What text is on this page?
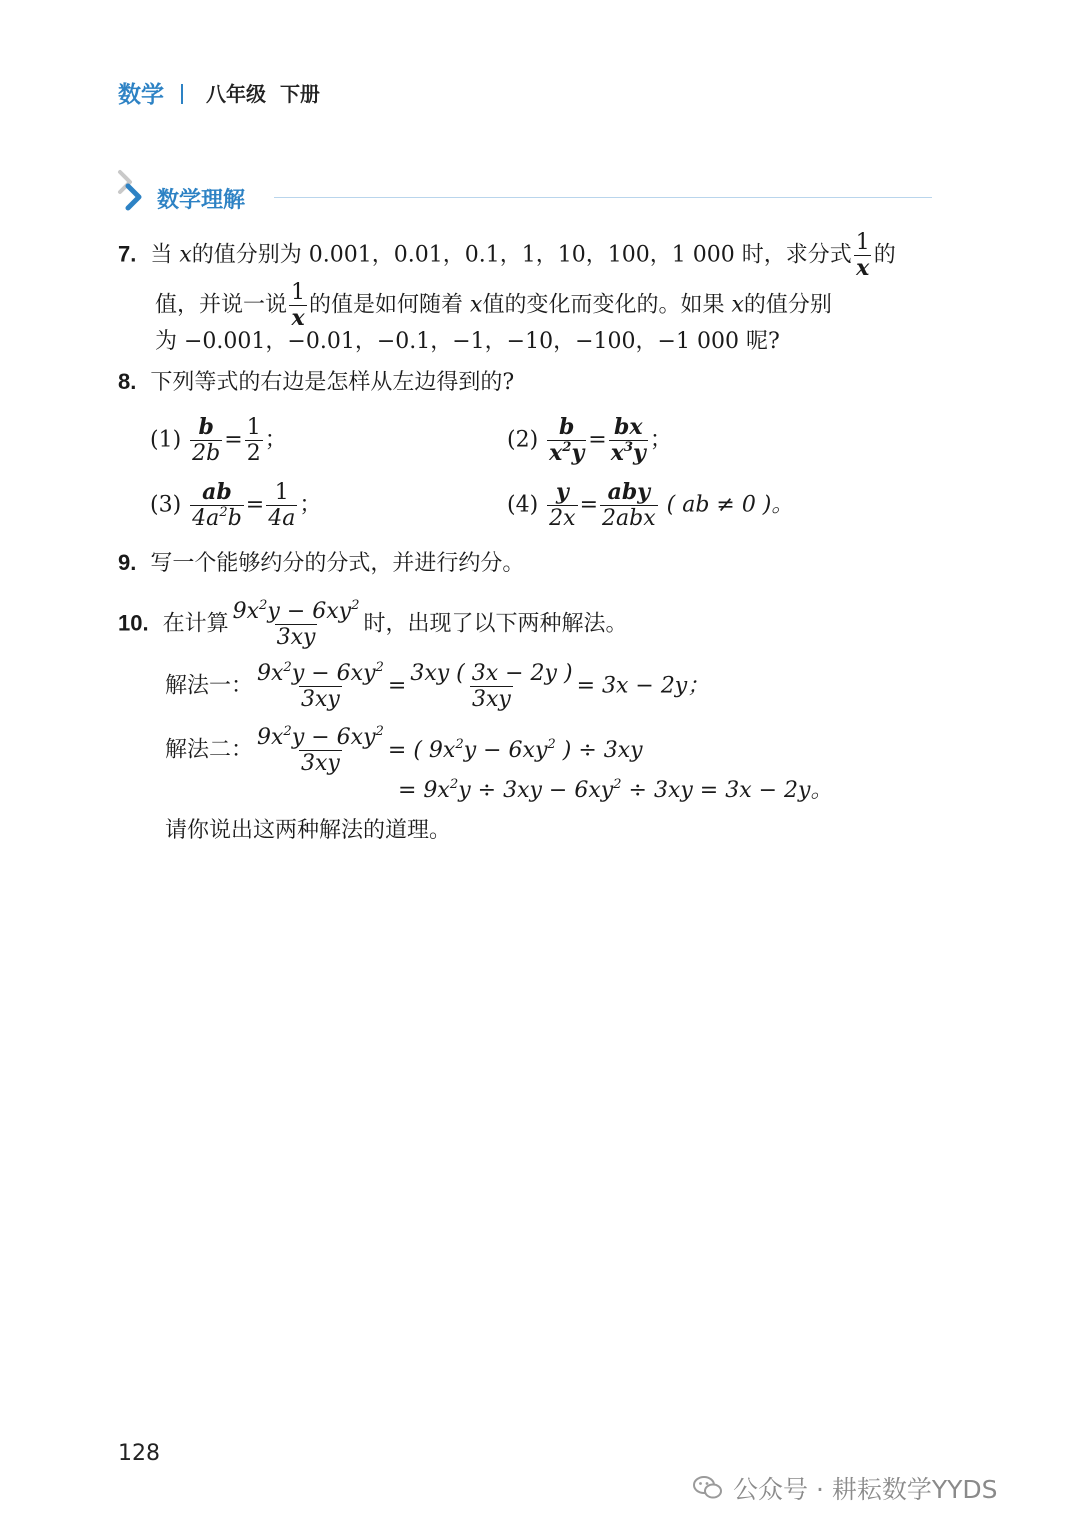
数学 八年级 下册
数学理解
7. 当 x的值分别为 0.001，0.01，0.1，1，10，100，1 000 时，求分式 $\frac{1}{x}$ 的
值，并说一说 $\frac{1}{x}$ 的值是如何随着 x值的变化而变化的。如果 x的值分别
为 −0.001，−0.01，−0.1，−1，−10，−100，−1 000 呢?
8. 下列等式的右边是怎样从左边得到的?
$(1) \frac{b}{2b} = \frac{1}{2}$ ；	$(2) \frac{b}{x^2y} = \frac{bx}{x^3y}$ ；
$(3) \frac{ab}{4a^2b} = \frac{1}{4a}$ ；	$(4) \frac{y}{2x} = \frac{\text{aby}}{\text{2abx}}$ ( ab ≠ 0 )。
9. 写一个能够约分的分式，并进行约分。
10. 在计算 $\frac{9x^2y - 6xy^2}{3xy}$ 时，出现了以下两种解法。
解法一： $\frac{9x^2y - 6xy^2}{3xy} = \frac{3xy ( 3x - 2y )}{3xy} = 3x - 2y$；
解法二： $\frac{9x^2y - 6xy^2}{3xy}$ = ( $9x^2y - 6xy^2$ ) ÷ 3xy
= $9x^2y \div 3xy - 6xy^2 \div 3xy = 3x - 2y$。
请你说出这两种解法的道理。
128
公众号 · 耕耘数学YYDS
